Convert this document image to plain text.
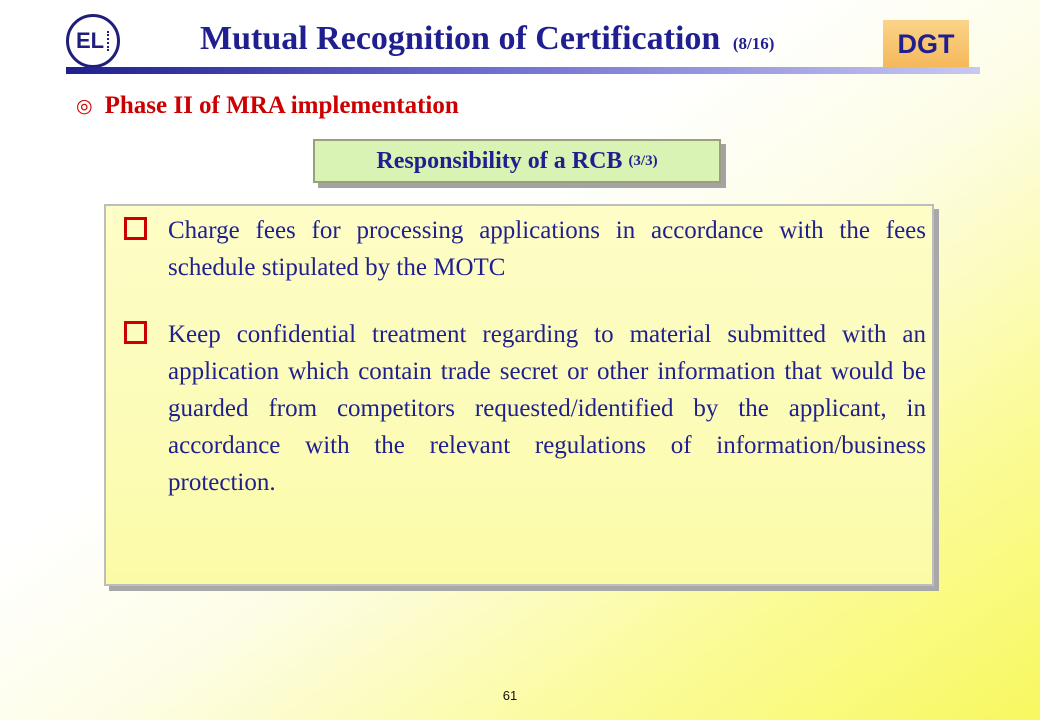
EL	Mutual Recognition of Certification (8/16)	DGT
◎ Phase II of MRA implementation
Responsibility of a RCB (3/3)
Charge fees for processing applications in accordance with the fees schedule stipulated by the MOTC
Keep confidential treatment regarding to material submitted with an application which contain trade secret or other information that would be guarded from competitors requested/identified by the applicant, in accordance with the relevant regulations of information/business protection.
61
